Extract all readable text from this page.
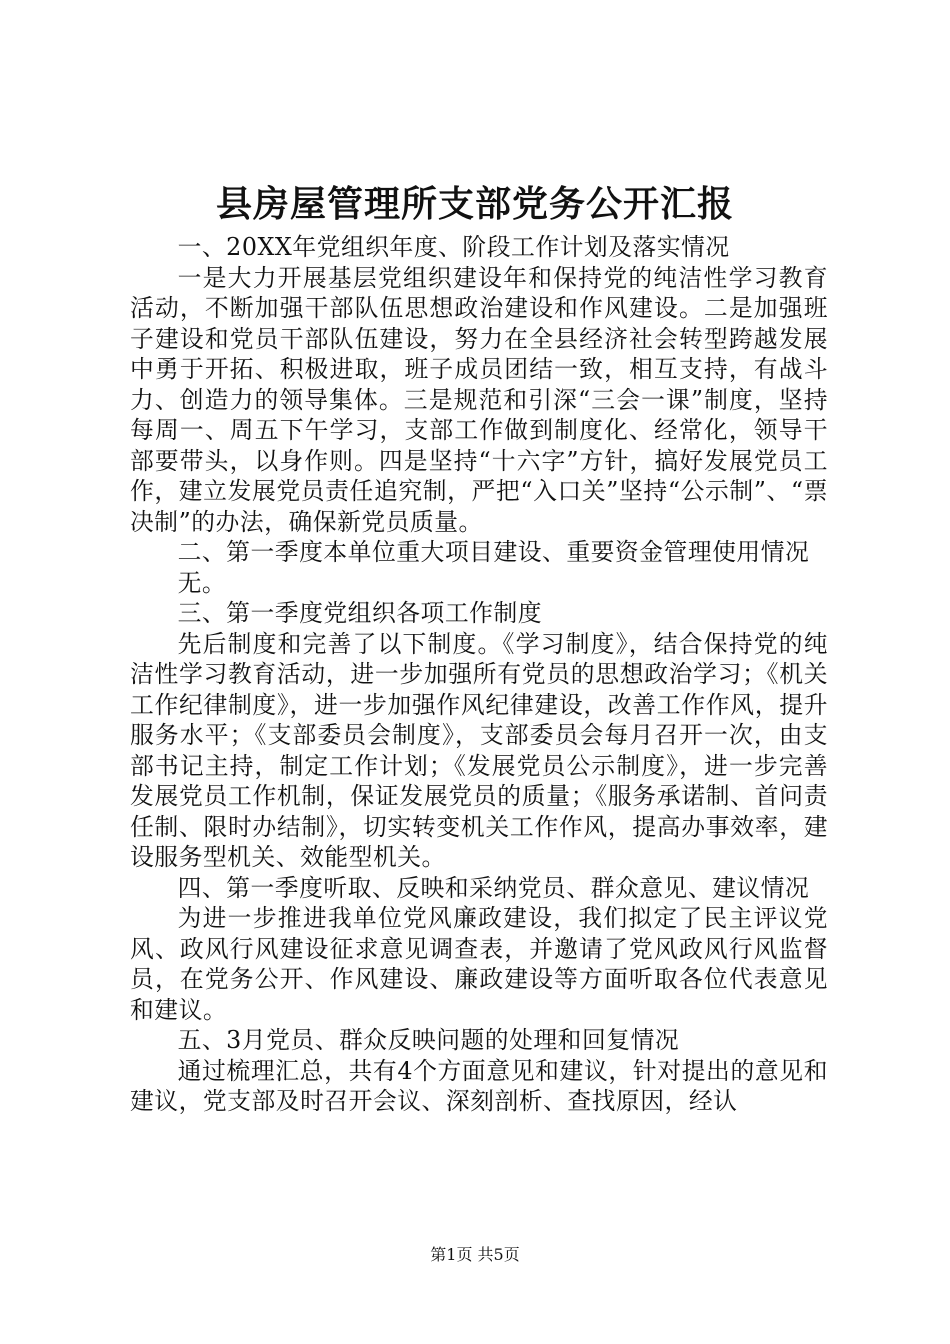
县房屋管理所支部党务公开汇报

一、20XX年党组织年度、阶段工作计划及落实情况

一是大力开展基层党组织建设年和保持党的纯洁性学习教育活动，不断加强干部队伍思想政治建设和作风建设。二是加强班子建设和党员干部队伍建设，努力在全县经济社会转型跨越发展中勇于开拓、积极进取，班子成员团结一致，相互支持，有战斗力、创造力的领导集体。三是规范和引深“三会一课”制度，坚持每周一、周五下午学习，支部工作做到制度化、经常化，领导干部要带头，以身作则。四是坚持“十六字”方针，搞好发展党员工作，建立发展党员责任追究制，严把“入口关”坚持“公示制”、“票决制”的办法，确保新党员质量。

二、第一季度本单位重大项目建设、重要资金管理使用情况

无。

三、第一季度党组织各项工作制度

先后制度和完善了以下制度。《学习制度》，结合保持党的纯洁性学习教育活动，进一步加强所有党员的思想政治学习；《机关工作纪律制度》，进一步加强作风纪律建设，改善工作作风，提升服务水平；《支部委员会制度》，支部委员会每月召开一次，由支部书记主持，制定工作计划；《发展党员公示制度》，进一步完善发展党员工作机制，保证发展党员的质量；《服务承诺制、首问责任制、限时办结制》，切实转变机关工作作风，提高办事效率，建设服务型机关、效能型机关。

四、第一季度听取、反映和采纳党员、群众意见、建议情况

为进一步推进我单位党风廉政建设，我们拟定了民主评议党风、政风行风建设征求意见调查表，并邀请了党风政风行风监督员，在党务公开、作风建设、廉政建设等方面听取各位代表意见和建议。

五、3月党员、群众反映问题的处理和回复情况

通过梳理汇总，共有4个方面意见和建议，针对提出的意见和建议，党支部及时召开会议、深刻剖析、查找原因，经认

第1页 共5页
